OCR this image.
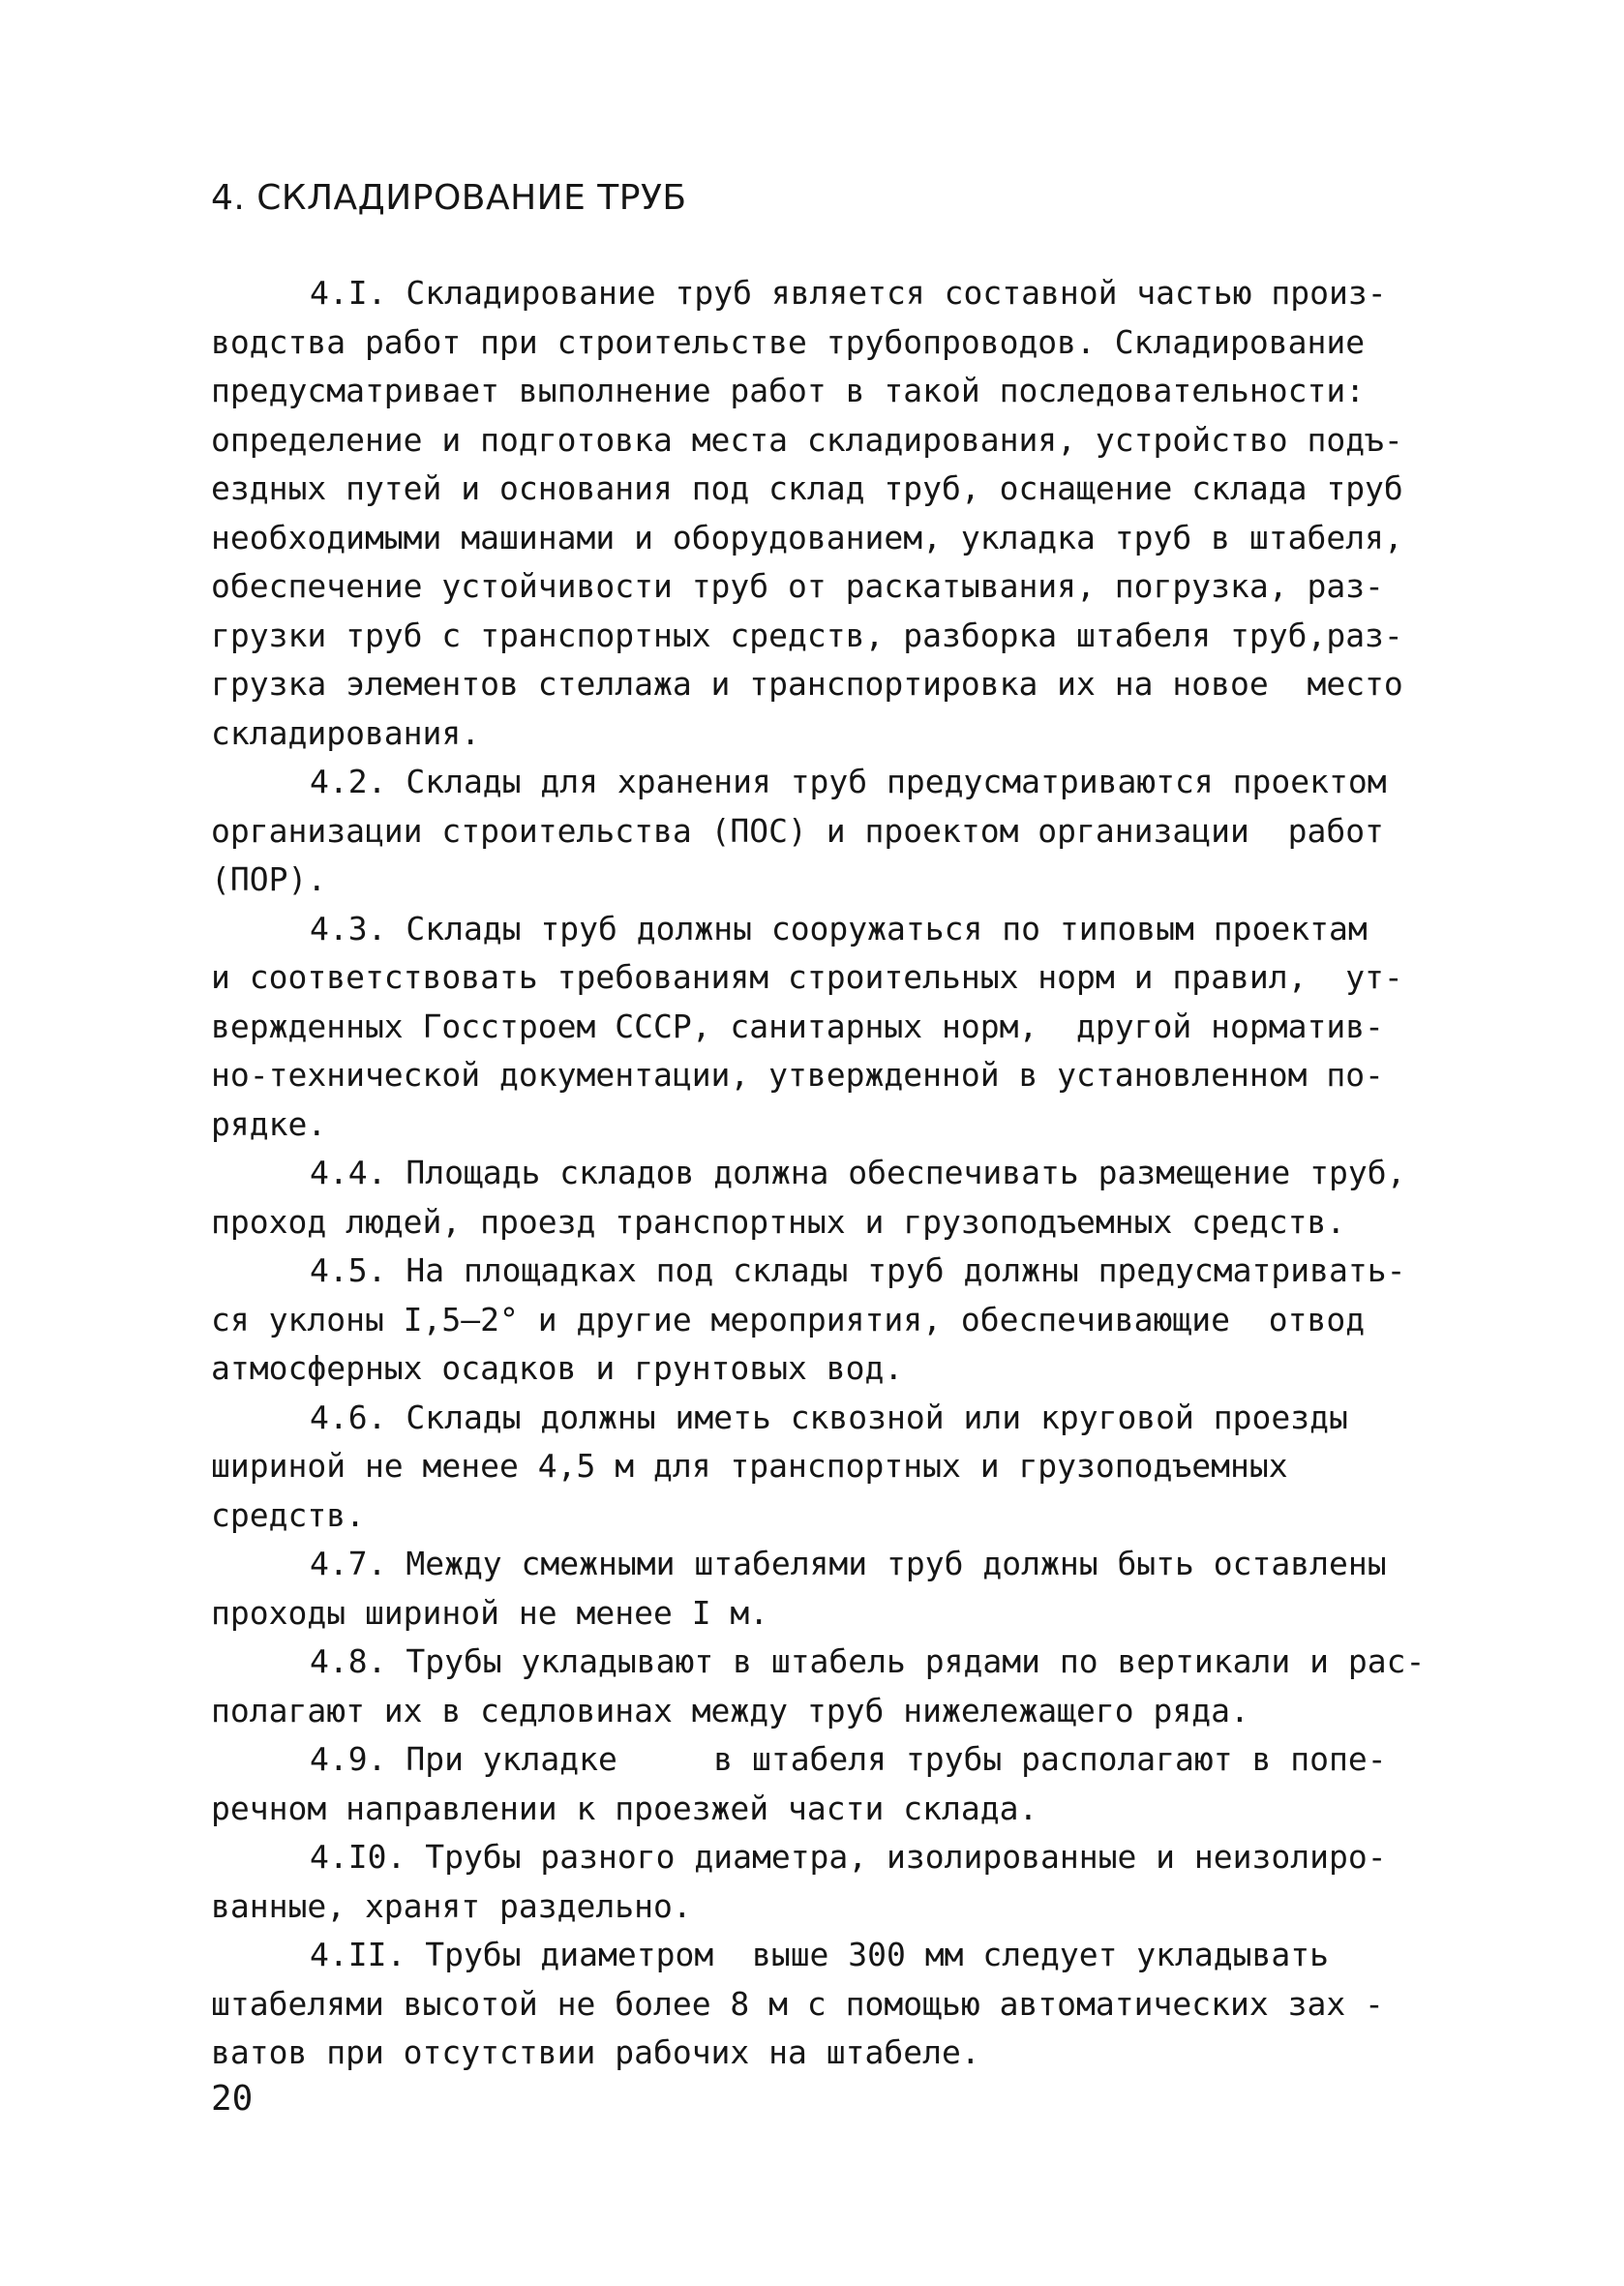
4. СКЛАДИРОВАНИЕ ТРУБ
4.I. Складирование труб является составной частью произ-
водства работ при строительстве трубопроводов. Складирование
предусматривает выполнение работ в такой последовательности:
определение и подготовка места складирования, устройство подъ-
ездных путей и основания под склад труб, оснащение склада труб
необходимыми машинами и оборудованием, укладка труб в штабеля,
обеспечение устойчивости труб от раскатывания, погрузка, раз-
грузки труб с транспортных средств, разборка штабеля труб,раз-
грузка элементов стеллажа и транспортировка их на новое  место
складирования.
4.2. Склады для хранения труб предусматриваются проектом
организации строительства (ПОС) и проектом организации  работ
(ПОР).
4.3. Склады труб должны сооружаться по типовым проектам
и соответствовать требованиям строительных норм и правил,  ут-
вержденных Госстроем СССР, санитарных норм,  другой норматив-
но-технической документации, утвержденной в установленном по-
рядке.
4.4. Площадь складов должна обеспечивать размещение труб,
проход людей, проезд транспортных и грузоподъемных средств.
4.5. На площадках под склады труб должны предусматривать-
ся уклоны I,5–2° и другие мероприятия, обеспечивающие  отвод
атмосферных осадков и грунтовых вод.
4.6. Склады должны иметь сквозной или круговой проезды
шириной не менее 4,5 м для транспортных и грузоподъемных
средств.
4.7. Между смежными штабелями труб должны быть оставлены
проходы шириной не менее I м.
4.8. Трубы укладывают в штабель рядами по вертикали и рас-
полагают их в седловинах между труб нижележащего ряда.
4.9. При укладке     в штабеля трубы располагают в попе-
речном направлении к проезжей части склада.
4.I0. Трубы разного диаметра, изолированные и неизолиро-
ванные, хранят раздельно.
4.II. Трубы диаметром  выше 300 мм следует укладывать
штабелями высотой не более 8 м с помощью автоматических зах -
ватов при отсутствии рабочих на штабеле.
20
